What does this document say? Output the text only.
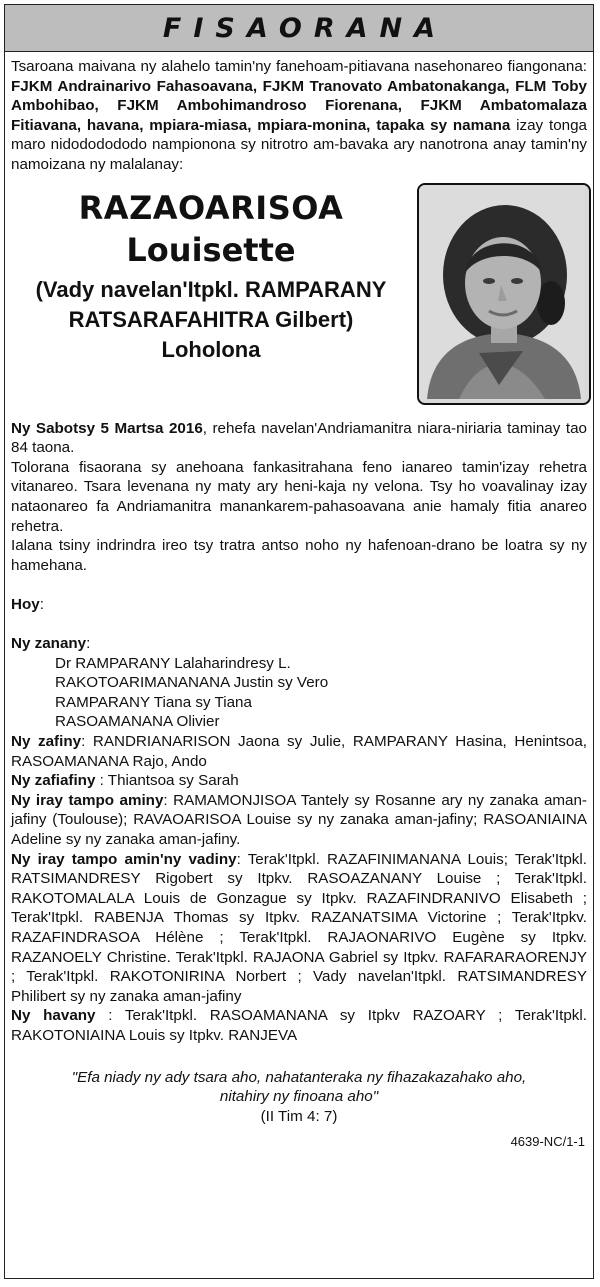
FISAORANA

Tsaroana maivana ny alahelo tamin'ny fanehoam-pitiavana nasehonareo fiangonana: FJKM Andrainarivo Fahasoavana, FJKM Tranovato Ambatonakanga, FLM Toby Ambohibao, FJKM Ambohimandroso Fiorenana, FJKM Ambatomalaza Fitiavana, havana, mpiara-miasa, mpiara-monina, tapaka sy namana izay tonga maro nidododododo nampionona sy nitrotro am-bavaka ary nanotrona anay tamin'ny namoizana ny malalanay:

RAZAOARISOA
Louisette
(Vady navelan'Itpkl. RAMPARANY
RATSARAFAHITRA Gilbert)
Loholona

Ny Sabotsy 5 Martsa 2016, rehefa navelan'Andriamanitra niara-niriaria taminay tao 84 taona.

Tolorana fisaorana sy anehoana fankasitrahana feno ianareo tamin'izay rehetra vitanareo. Tsara levenana ny maty ary heni-kaja ny velona. Tsy ho voavalinay izay nataonareo fa Andriamanitra manankarem-pahasoavana anie hamaly fitia anareo rehetra.

Ialana tsiny indrindra ireo tsy tratra antso noho ny hafenoan-drano be loatra sy ny hamehana.

Hoy:

Ny zanany:

Dr RAMPARANY Lalaharindresy L.

RAKOTOARIMANANANA Justin sy Vero

RAMPARANY Tiana sy Tiana

RASOAMANANA Olivier

Ny zafiny: RANDRIANARISON Jaona sy Julie, RAMPARANY Hasina, Henintsoa, RASOAMANANA Rajo, Ando

Ny zafiafiny : Thiantsoa sy Sarah

Ny iray tampo aminy: RAMAMONJISOA Tantely sy Rosanne ary ny zanaka aman-jafiny (Toulouse); RAVAOARISOA Louise sy ny zanaka aman-jafiny; RASOANIAINA Adeline sy ny zanaka aman-jafiny.

Ny iray tampo amin'ny vadiny: Terak'Itpkl. RAZAFINIMANANA Louis; Terak'Itpkl. RATSIMANDRESY Rigobert sy Itpkv. RASOAZANANY Louise ; Terak'Itpkl. RAKOTOMALALA Louis de Gonzague sy Itpkv. RAZAFINDRANIVO Elisabeth ; Terak'Itpkl. RABENJA Thomas sy Itpkv. RAZANATSIMA Victorine ; Terak'Itpkv. RAZAFINDRASOA Hélène ; Terak'Itpkl. RAJAONARIVO Eugène sy Itpkv. RAZANOELY Christine. Terak'Itpkl. RAJAONA Gabriel sy Itpkv. RAFARARAORENJY ; Terak'Itpkl. RAKOTONIRINA Norbert ; Vady navelan'Itpkl. RATSIMANDRESY Philibert sy ny zanaka aman-jafiny

Ny havany : Terak'Itpkl. RASOAMANANA sy Itpkv RAZOARY ; Terak'Itpkl. RAKOTONIAINA Louis sy Itpkv. RANJEVA

"Efa niady ny ady tsara aho, nahatanteraka ny fihazakazahako aho,
nitahiry ny finoana aho"
(II Tim 4: 7)
4639-NC/1-1
